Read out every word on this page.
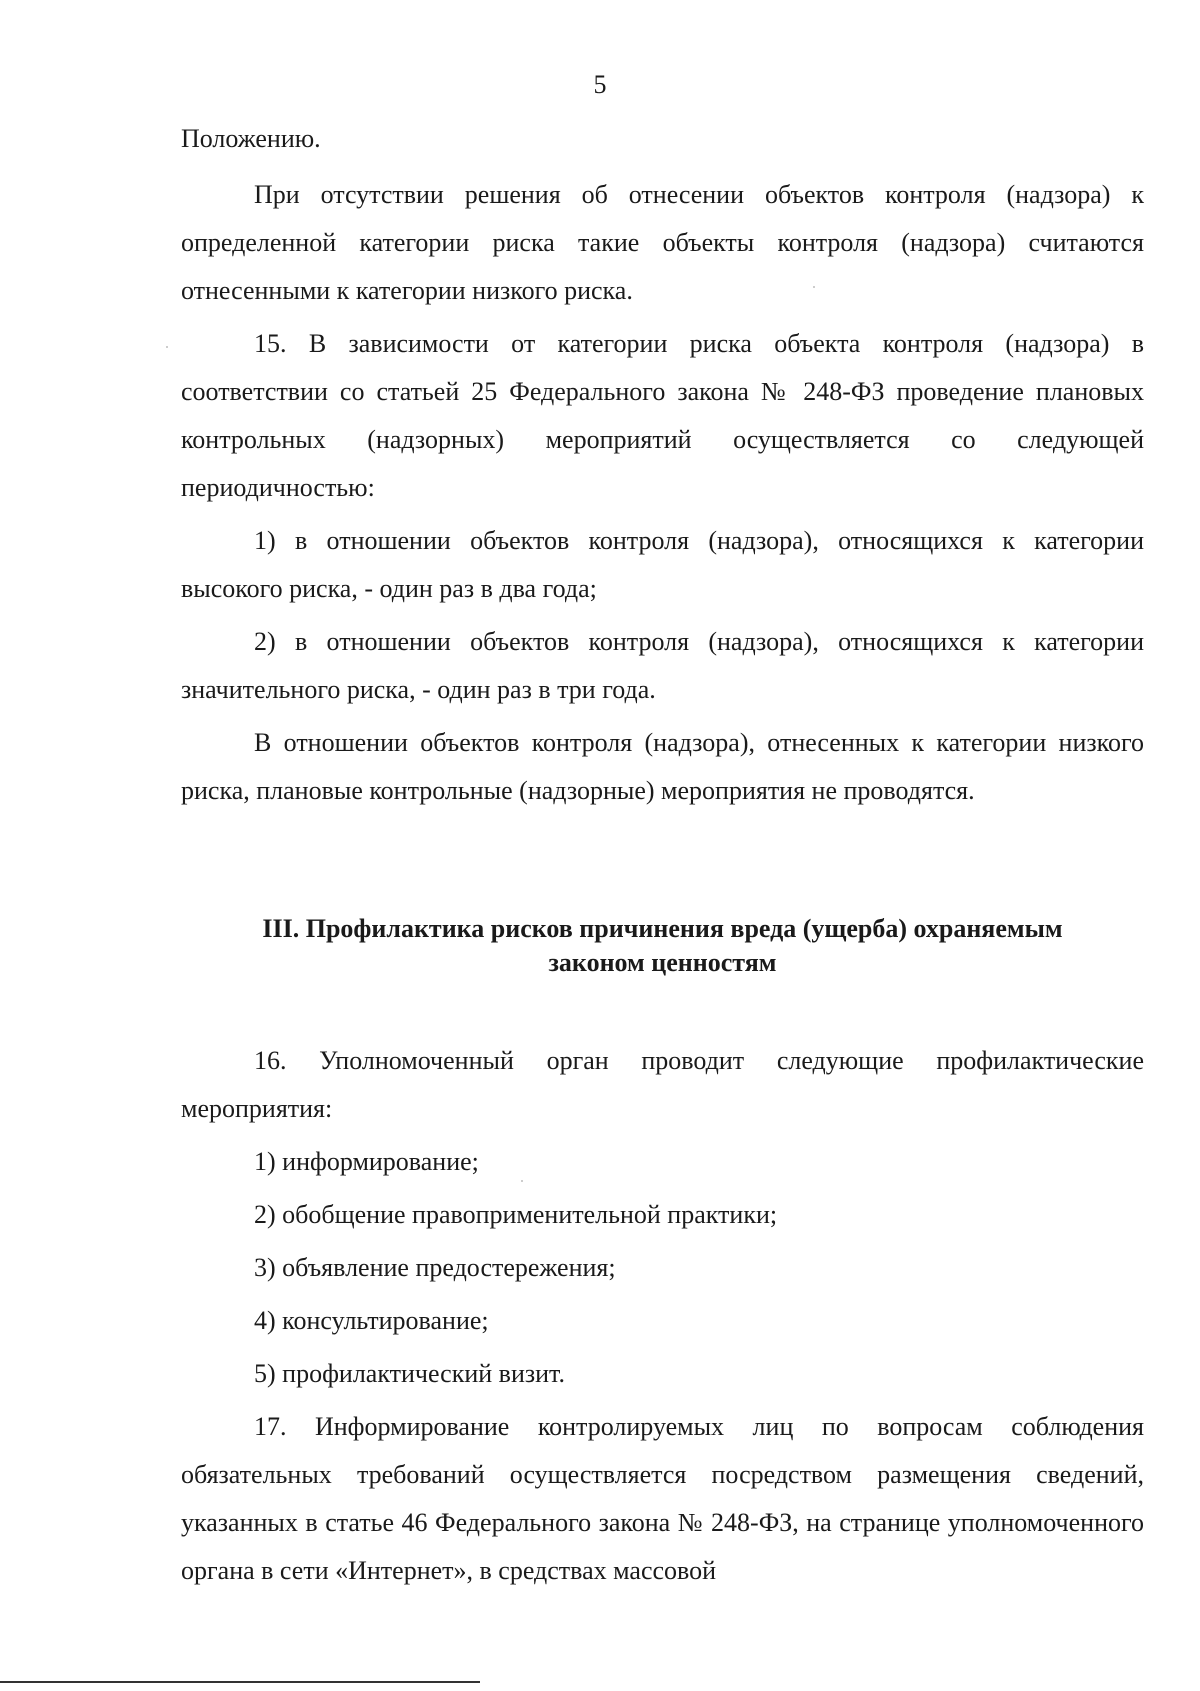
5

Положению.

При отсутствии решения об отнесении объектов контроля (надзора) к определенной категории риска такие объекты контроля (надзора) считаются отнесенными к категории низкого риска.

15. В зависимости от категории риска объекта контроля (надзора) в соответствии со статьей 25 Федерального закона № 248-ФЗ проведение плановых контрольных (надзорных) мероприятий осуществляется со следующей периодичностью:

1) в отношении объектов контроля (надзора), относящихся к категории высокого риска, - один раз в два года;

2) в отношении объектов контроля (надзора), относящихся к категории значительного риска, - один раз в три года.

В отношении объектов контроля (надзора), отнесенных к категории низкого риска, плановые контрольные (надзорные) мероприятия не проводятся.

III. Профилактика рисков причинения вреда (ущерба) охраняемым
законом ценностям

16. Уполномоченный орган проводит следующие профилактические мероприятия:

1) информирование;

2) обобщение правоприменительной практики;

3) объявление предостережения;

4) консультирование;

5) профилактический визит.

17. Информирование контролируемых лиц по вопросам соблюдения обязательных требований осуществляется посредством размещения сведений, указанных в статье 46 Федерального закона № 248-ФЗ, на странице уполномоченного органа в сети «Интернет», в средствах массовой
